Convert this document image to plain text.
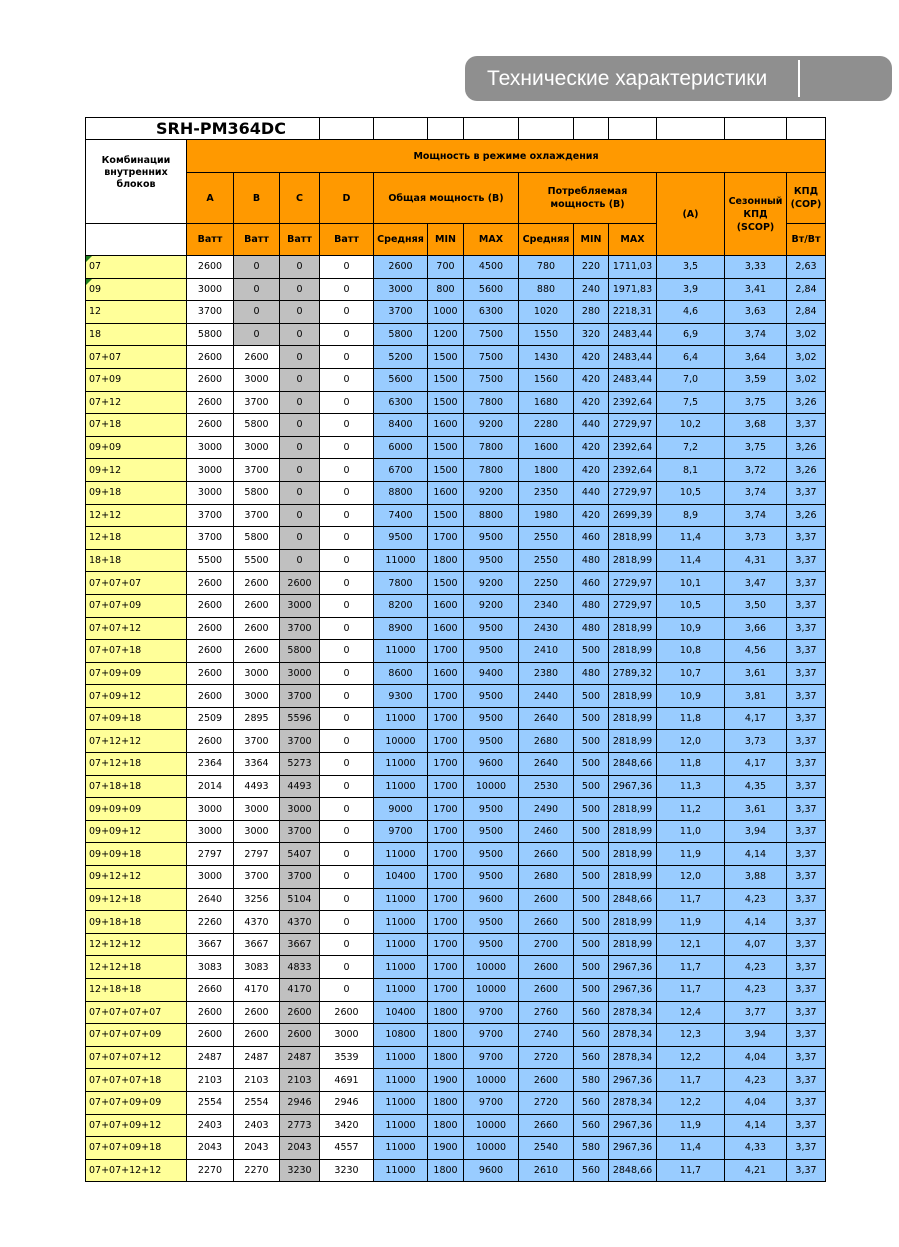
Технические характеристики
SRH-PM364DC													
Комбинации внутренних блоков	Мощность в режиме охлаждения												
	A	B	C	D	Общая мощность (В)			Потребляемая мощность (В)			(А)	Сезонный КПД (SCOP)	КПД (COP)
	Ватт	Ватт	Ватт	Ватт	Средняя	MIN	MAX	Средняя	MIN	MAX			Вт/Вт
07	2600	0	0	0	2600	700	4500	780	220	1711,03	3,5	3,33	2,63
09	3000	0	0	0	3000	800	5600	880	240	1971,83	3,9	3,41	2,84
12	3700	0	0	0	3700	1000	6300	1020	280	2218,31	4,6	3,63	2,84
18	5800	0	0	0	5800	1200	7500	1550	320	2483,44	6,9	3,74	3,02
07+07	2600	2600	0	0	5200	1500	7500	1430	420	2483,44	6,4	3,64	3,02
07+09	2600	3000	0	0	5600	1500	7500	1560	420	2483,44	7,0	3,59	3,02
07+12	2600	3700	0	0	6300	1500	7800	1680	420	2392,64	7,5	3,75	3,26
07+18	2600	5800	0	0	8400	1600	9200	2280	440	2729,97	10,2	3,68	3,37
09+09	3000	3000	0	0	6000	1500	7800	1600	420	2392,64	7,2	3,75	3,26
09+12	3000	3700	0	0	6700	1500	7800	1800	420	2392,64	8,1	3,72	3,26
09+18	3000	5800	0	0	8800	1600	9200	2350	440	2729,97	10,5	3,74	3,37
12+12	3700	3700	0	0	7400	1500	8800	1980	420	2699,39	8,9	3,74	3,26
12+18	3700	5800	0	0	9500	1700	9500	2550	460	2818,99	11,4	3,73	3,37
18+18	5500	5500	0	0	11000	1800	9500	2550	480	2818,99	11,4	4,31	3,37
07+07+07	2600	2600	2600	0	7800	1500	9200	2250	460	2729,97	10,1	3,47	3,37
07+07+09	2600	2600	3000	0	8200	1600	9200	2340	480	2729,97	10,5	3,50	3,37
07+07+12	2600	2600	3700	0	8900	1600	9500	2430	480	2818,99	10,9	3,66	3,37
07+07+18	2600	2600	5800	0	11000	1700	9500	2410	500	2818,99	10,8	4,56	3,37
07+09+09	2600	3000	3000	0	8600	1600	9400	2380	480	2789,32	10,7	3,61	3,37
07+09+12	2600	3000	3700	0	9300	1700	9500	2440	500	2818,99	10,9	3,81	3,37
07+09+18	2509	2895	5596	0	11000	1700	9500	2640	500	2818,99	11,8	4,17	3,37
07+12+12	2600	3700	3700	0	10000	1700	9500	2680	500	2818,99	12,0	3,73	3,37
07+12+18	2364	3364	5273	0	11000	1700	9600	2640	500	2848,66	11,8	4,17	3,37
07+18+18	2014	4493	4493	0	11000	1700	10000	2530	500	2967,36	11,3	4,35	3,37
09+09+09	3000	3000	3000	0	9000	1700	9500	2490	500	2818,99	11,2	3,61	3,37
09+09+12	3000	3000	3700	0	9700	1700	9500	2460	500	2818,99	11,0	3,94	3,37
09+09+18	2797	2797	5407	0	11000	1700	9500	2660	500	2818,99	11,9	4,14	3,37
09+12+12	3000	3700	3700	0	10400	1700	9500	2680	500	2818,99	12,0	3,88	3,37
09+12+18	2640	3256	5104	0	11000	1700	9600	2600	500	2848,66	11,7	4,23	3,37
09+18+18	2260	4370	4370	0	11000	1700	9500	2660	500	2818,99	11,9	4,14	3,37
12+12+12	3667	3667	3667	0	11000	1700	9500	2700	500	2818,99	12,1	4,07	3,37
12+12+18	3083	3083	4833	0	11000	1700	10000	2600	500	2967,36	11,7	4,23	3,37
12+18+18	2660	4170	4170	0	11000	1700	10000	2600	500	2967,36	11,7	4,23	3,37
07+07+07+07	2600	2600	2600	2600	10400	1800	9700	2760	560	2878,34	12,4	3,77	3,37
07+07+07+09	2600	2600	2600	3000	10800	1800	9700	2740	560	2878,34	12,3	3,94	3,37
07+07+07+12	2487	2487	2487	3539	11000	1800	9700	2720	560	2878,34	12,2	4,04	3,37
07+07+07+18	2103	2103	2103	4691	11000	1900	10000	2600	580	2967,36	11,7	4,23	3,37
07+07+09+09	2554	2554	2946	2946	11000	1800	9700	2720	560	2878,34	12,2	4,04	3,37
07+07+09+12	2403	2403	2773	3420	11000	1800	10000	2660	560	2967,36	11,9	4,14	3,37
07+07+09+18	2043	2043	2043	4557	11000	1900	10000	2540	580	2967,36	11,4	4,33	3,37
07+07+12+12	2270	2270	3230	3230	11000	1800	9600	2610	560	2848,66	11,7	4,21	3,37
